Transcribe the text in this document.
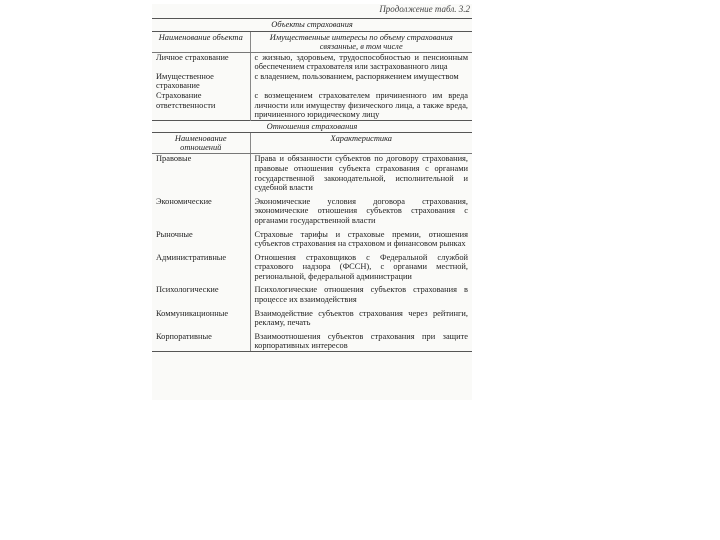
Продолжение табл. 3.2
Объекты страхования	
Наименование объекта	Имущественные интересы по объему страхования связанные, в том числе
Личное страхование	с жизнью, здоровьем, трудоспособностью и пенсионным обеспечением страхователя или застрахованного лица
Имущественное страхование	с владением, пользованием, распоряжением имуществом
Страхование ответственности	с возмещением страхователем причиненного им вреда личности или имуществу физического лица, а также вреда, причиненного юридическому лицу
Отношения страхования	
Наименование отношений	Характеристика
Правовые	Права и обязанности субъектов по договору страхования, правовые отношения субъекта страхования с органами государственной законодательной, исполнительной и судебной власти

Экономические	Экономические условия договора страхования, экономические отношения субъектов страхования с органами государственной власти

Рыночные	Страховые тарифы и страховые премии, отношения субъектов страхования на страховом и финансовом рынках

Административные	Отношения страховщиков с Федеральной службой страхового надзора (ФССН), с органами местной, региональной, федеральной администрации

Психологические	Психологические отношения субъектов страхования в процессе их взаимодействия

Коммуникационные	Взаимодействие субъектов страхования через рейтинги, рекламу, печать

Корпоративные	Взаимоотношения субъектов страхования при защите корпоративных интересов
